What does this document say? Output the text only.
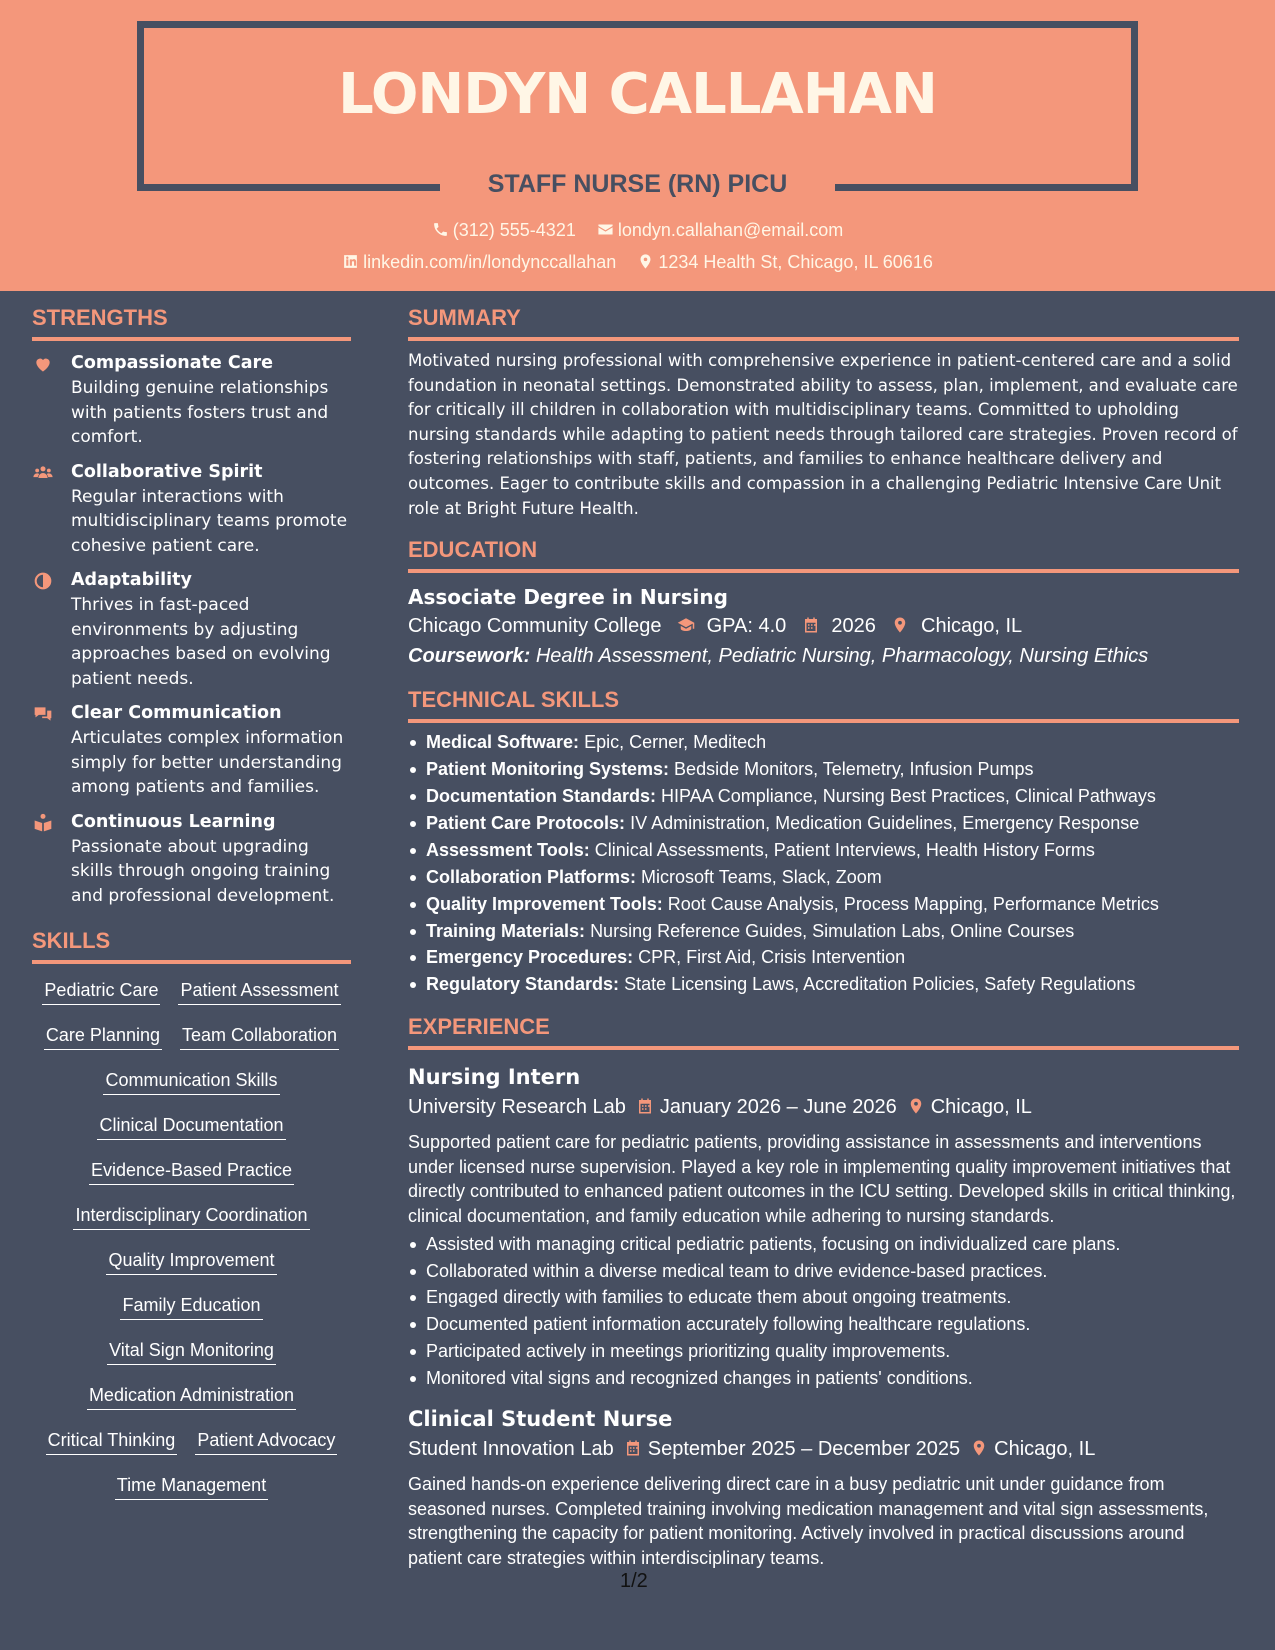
LONDYN CALLAHAN
STAFF NURSE (RN) PICU
(312) 555-4321 londyn.callahan@email.com
linkedin.com/in/londynccallahan 1234 Health St, Chicago, IL 60616
STRENGTHS
Compassionate Care
Building genuine relationships with patients fosters trust and comfort.
Collaborative Spirit
Regular interactions with multidisciplinary teams promote cohesive patient care.
Adaptability
Thrives in fast-paced environments by adjusting approaches based on evolving patient needs.
Clear Communication
Articulates complex information simply for better understanding among patients and families.
Continuous Learning
Passionate about upgrading skills through ongoing training and professional development.
SKILLS
Pediatric Care Patient Assessment
Care Planning Team Collaboration
Communication Skills
Clinical Documentation
Evidence-Based Practice
Interdisciplinary Coordination
Quality Improvement
Family Education
Vital Sign Monitoring
Medication Administration
Critical Thinking Patient Advocacy
Time Management
SUMMARY
Motivated nursing professional with comprehensive experience in patient-centered care and a solid foundation in neonatal settings. Demonstrated ability to assess, plan, implement, and evaluate care for critically ill children in collaboration with multidisciplinary teams. Committed to upholding nursing standards while adapting to patient needs through tailored care strategies. Proven record of fostering relationships with staff, patients, and families to enhance healthcare delivery and outcomes. Eager to contribute skills and compassion in a challenging Pediatric Intensive Care Unit role at Bright Future Health.
EDUCATION
Associate Degree in Nursing
Chicago Community College GPA: 4.0 2026 Chicago, IL
Coursework: Health Assessment, Pediatric Nursing, Pharmacology, Nursing Ethics
TECHNICAL SKILLS
Medical Software: Epic, Cerner, Meditech
Patient Monitoring Systems: Bedside Monitors, Telemetry, Infusion Pumps
Documentation Standards: HIPAA Compliance, Nursing Best Practices, Clinical Pathways
Patient Care Protocols: IV Administration, Medication Guidelines, Emergency Response
Assessment Tools: Clinical Assessments, Patient Interviews, Health History Forms
Collaboration Platforms: Microsoft Teams, Slack, Zoom
Quality Improvement Tools: Root Cause Analysis, Process Mapping, Performance Metrics
Training Materials: Nursing Reference Guides, Simulation Labs, Online Courses
Emergency Procedures: CPR, First Aid, Crisis Intervention
Regulatory Standards: State Licensing Laws, Accreditation Policies, Safety Regulations
EXPERIENCE
Nursing Intern
University Research Lab January 2026 – June 2026 Chicago, IL
Supported patient care for pediatric patients, providing assistance in assessments and interventions under licensed nurse supervision. Played a key role in implementing quality improvement initiatives that directly contributed to enhanced patient outcomes in the ICU setting. Developed skills in critical thinking, clinical documentation, and family education while adhering to nursing standards.
Assisted with managing critical pediatric patients, focusing on individualized care plans.
Collaborated within a diverse medical team to drive evidence-based practices.
Engaged directly with families to educate them about ongoing treatments.
Documented patient information accurately following healthcare regulations.
Participated actively in meetings prioritizing quality improvements.
Monitored vital signs and recognized changes in patients' conditions.
Clinical Student Nurse
Student Innovation Lab September 2025 – December 2025 Chicago, IL
Gained hands-on experience delivering direct care in a busy pediatric unit under guidance from seasoned nurses. Completed training involving medication management and vital sign assessments, strengthening the capacity for patient monitoring. Actively involved in practical discussions around patient care strategies within interdisciplinary teams.
1/2
